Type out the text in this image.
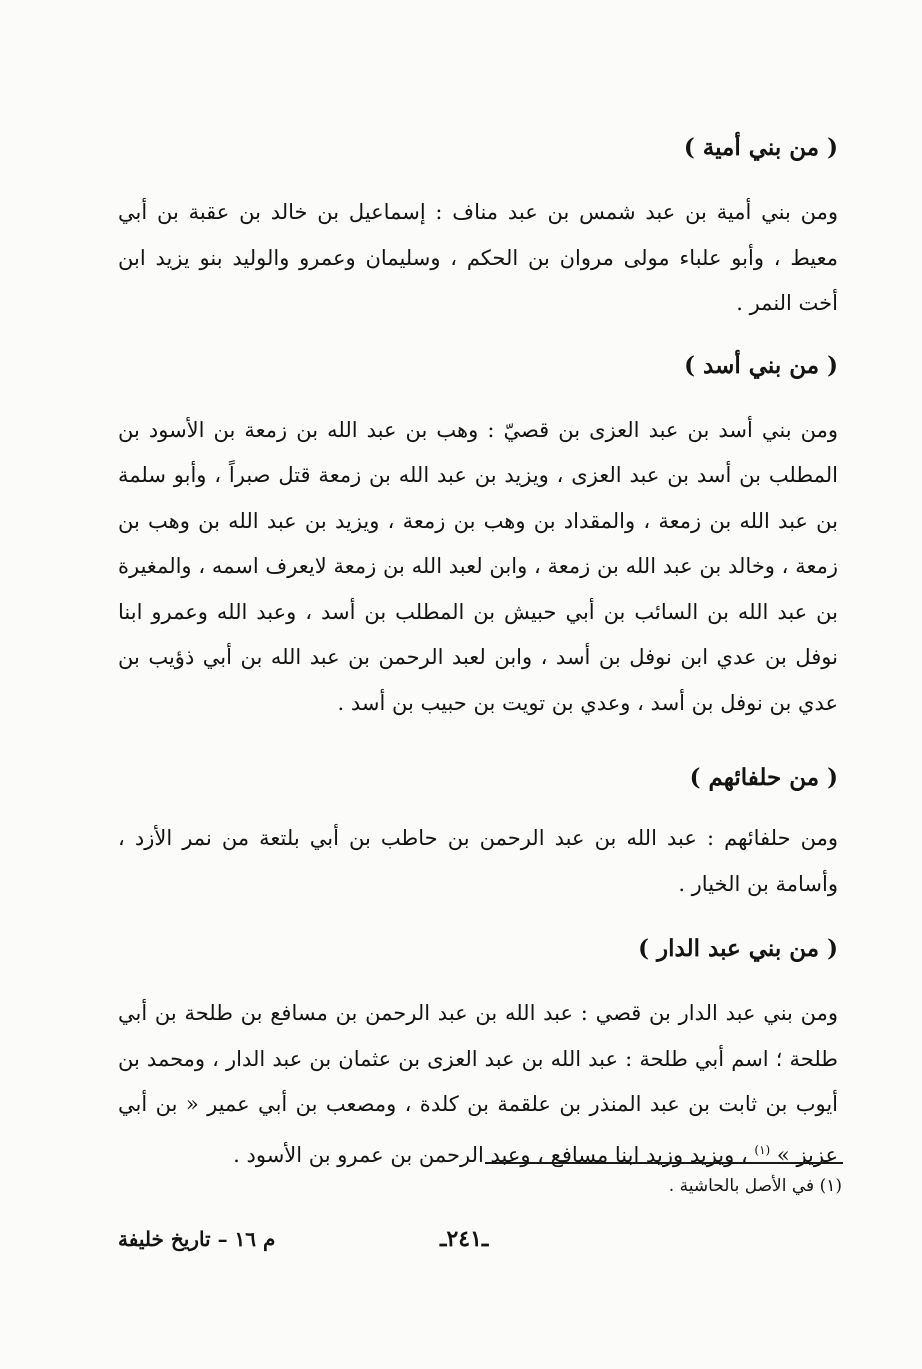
( من بني أمية )

ومن بني أمية بن عبد شمس بن عبد مناف : إسماعيل بن خالد بن عقبة بن أبي معيط ، وأبو علباء مولى مروان بن الحكم ، وسليمان وعمرو والوليد بنو يزيد ابن أخت النمر .

( من بني أسد )

ومن بني أسد بن عبد العزى بن قصيّ : وهب بن عبد الله بن زمعة بن الأسود بن المطلب بن أسد بن عبد العزى ، ويزيد بن عبد الله بن زمعة قتل صبراً ، وأبو سلمة بن عبد الله بن زمعة ، والمقداد بن وهب بن زمعة ، ويزيد بن عبد الله بن وهب بن زمعة ، وخالد بن عبد الله بن زمعة ، وابن لعبد الله بن زمعة لايعرف اسمه ، والمغيرة بن عبد الله بن السائب بن أبي حبيش بن المطلب بن أسد ، وعبد الله وعمرو ابنا نوفل بن عدي ابن نوفل بن أسد ، وابن لعبد الرحمن بن عبد الله بن أبي ذؤيب بن عدي بن نوفل بن أسد ، وعدي بن تويت بن حبيب بن أسد .

( من حلفائهم )

ومن حلفائهم : عبد الله بن عبد الرحمن بن حاطب بن أبي بلتعة من نمر الأزد ، وأسامة بن الخيار .

( من بني عبد الدار )

ومن بني عبد الدار بن قصي : عبد الله بن عبد الرحمن بن مسافع بن طلحة بن أبي طلحة ؛ اسم أبي طلحة : عبد الله بن عبد العزى بن عثمان بن عبد الدار ، ومحمد بن أيوب بن ثابت بن عبد المنذر بن علقمة بن كلدة ، ومصعب بن أبي عمير « بن أبي عزيز » $^{(١)}$ ، ويزيد وزيد ابنا مسافع ، وعبد الرحمن بن عمرو بن الأسود .

(١) في الأصل بالحاشية .
م ١٦ – تاريخ خليفة	ـ٢٤١ـ
